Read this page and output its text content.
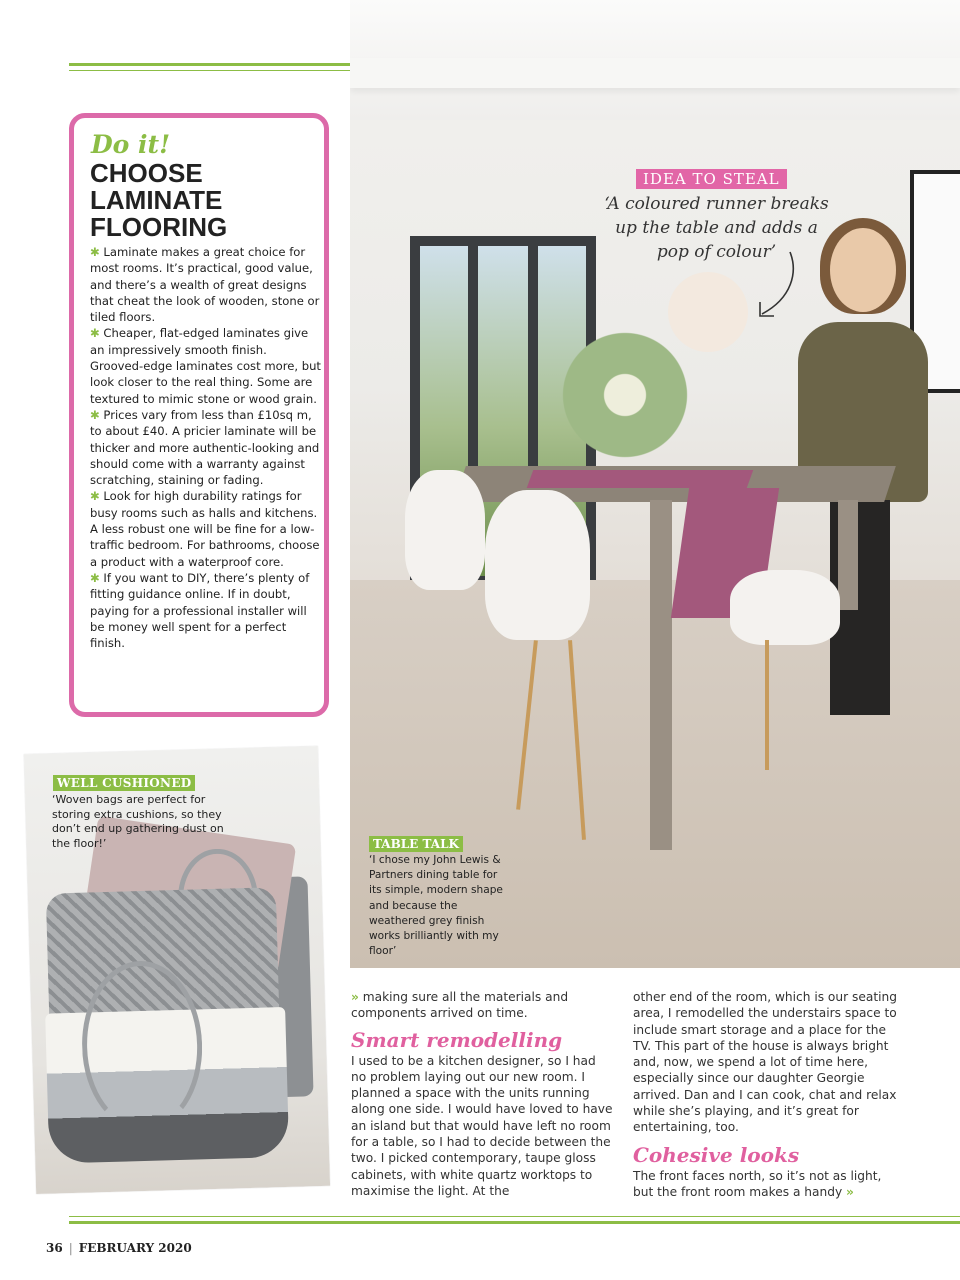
IDEA TO STEAL
‘A coloured runner breaks up the table and adds a pop of colour’
Do it!
CHOOSE
LAMINATE
FLOORING

✱ Laminate makes a great choice for most rooms. It’s practical, good value, and there’s a wealth of great designs that cheat the look of wooden, stone or tiled floors.

✱ Cheaper, flat-edged laminates give an impressively smooth finish. Grooved-edge laminates cost more, but look closer to the real thing. Some are textured to mimic stone or wood grain.

✱ Prices vary from less than £10sq m, to about £40. A pricier laminate will be thicker and more authentic-looking and should come with a warranty against scratching, staining or fading.

✱ Look for high durability ratings for busy rooms such as halls and kitchens. A less robust one will be fine for a low-traffic bedroom. For bathrooms, choose a product with a waterproof core.

✱ If you want to DIY, there’s plenty of fitting guidance online. If in doubt, paying for a professional installer will be money well spent for a perfect finish.

WELL CUSHIONED
‘Woven bags are perfect for storing extra cushions, so they don’t end up gathering dust on the floor!’	TABLE TALK
‘I chose my John Lewis & Partners dining table for its simple, modern shape and because the weathered grey finish works brilliantly with my floor’

» making sure all the materials and components arrived on time.

Smart remodelling

I used to be a kitchen designer, so I had no problem laying out our new room. I planned a space with the units running along one side. I would have loved to have an island but that would have left no room for a table, so I had to decide between the two. I picked contemporary, taupe gloss cabinets, with white quartz worktops to maximise the light. At the

other end of the room, which is our seating area, I remodelled the understairs space to include smart storage and a place for the TV. This part of the house is always bright and, now, we spend a lot of time here, especially since our daughter Georgie arrived. Dan and I can cook, chat and relax while she’s playing, and it’s great for entertaining, too.

Cohesive looks

The front faces north, so it’s not as light, but the front room makes a handy »

36 | FEBRUARY 2020
